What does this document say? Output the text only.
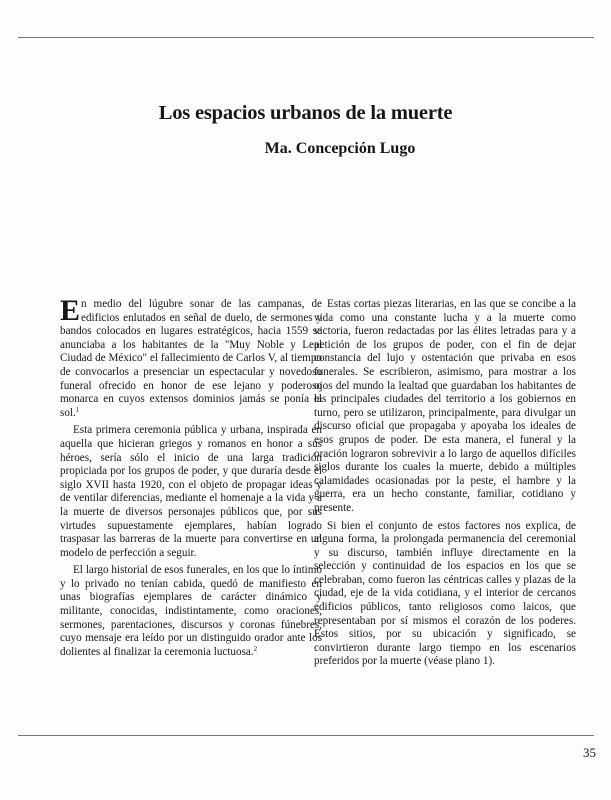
Los espacios urbanos de la muerte
Ma. Concepción Lugo

En medio del lúgubre sonar de las campanas, de edificios enlutados en señal de duelo, de sermones y bandos colocados en lugares estratégicos, hacia 1559 se anunciaba a los habitantes de la "Muy Noble y Leal Ciudad de México" el fallecimiento de Carlos V, al tiempo de convocarlos a presenciar un espectacular y novedoso funeral ofrecido en honor de ese lejano y poderoso monarca en cuyos extensos dominios jamás se ponía el sol.$^1$

Esta primera ceremonia pública y urbana, inspirada en aquella que hicieran griegos y romanos en honor a sus héroes, sería sólo el inicio de una larga tradición propiciada por los grupos de poder, y que duraría desde el siglo XVII hasta 1920, con el objeto de propagar ideas y de ventilar diferencias, mediante el homenaje a la vida y a la muerte de diversos personajes públicos que, por sus virtudes supuestamente ejemplares, habían logrado traspasar las barreras de la muerte para convertirse en un modelo de perfección a seguir.

El largo historial de esos funerales, en los que lo íntimo y lo privado no tenían cabida, quedó de manifiesto en unas biografías ejemplares de carácter dinámico y militante, conocidas, indistintamente, como oraciones, sermones, parentaciones, discursos y coronas fúnebres, cuyo mensaje era leído por un distinguido orador ante los dolientes al finalizar la ceremonia luctuosa.$^2$

Estas cortas piezas literarias, en las que se concibe a la vida como una constante lucha y a la muerte como victoria, fueron redactadas por las élites letradas para y a petición de los grupos de poder, con el fin de dejar constancia del lujo y ostentación que privaba en esos funerales. Se escribieron, asimismo, para mostrar a los ojos del mundo la lealtad que guardaban los habitantes de las principales ciudades del territorio a los gobiernos en turno, pero se utilizaron, principalmente, para divulgar un discurso oficial que propagaba y apoyaba los ideales de esos grupos de poder. De esta manera, el funeral y la oración lograron sobrevivir a lo largo de aquellos difíciles siglos durante los cuales la muerte, debido a múltiples calamidades ocasionadas por la peste, el hambre y la guerra, era un hecho constante, familiar, cotidiano y presente.

Si bien el conjunto de estos factores nos explica, de alguna forma, la prolongada permanencia del ceremonial y su discurso, también influye directamente en la selección y continuidad de los espacios en los que se celebraban, como fueron las céntricas calles y plazas de la ciudad, eje de la vida cotidiana, y el interior de cercanos edificios públicos, tanto religiosos como laicos, que representaban por sí mismos el corazón de los poderes. Estos sitios, por su ubicación y significado, se convirtieron durante largo tiempo en los escenarios preferidos por la muerte (véase plano 1).

35
